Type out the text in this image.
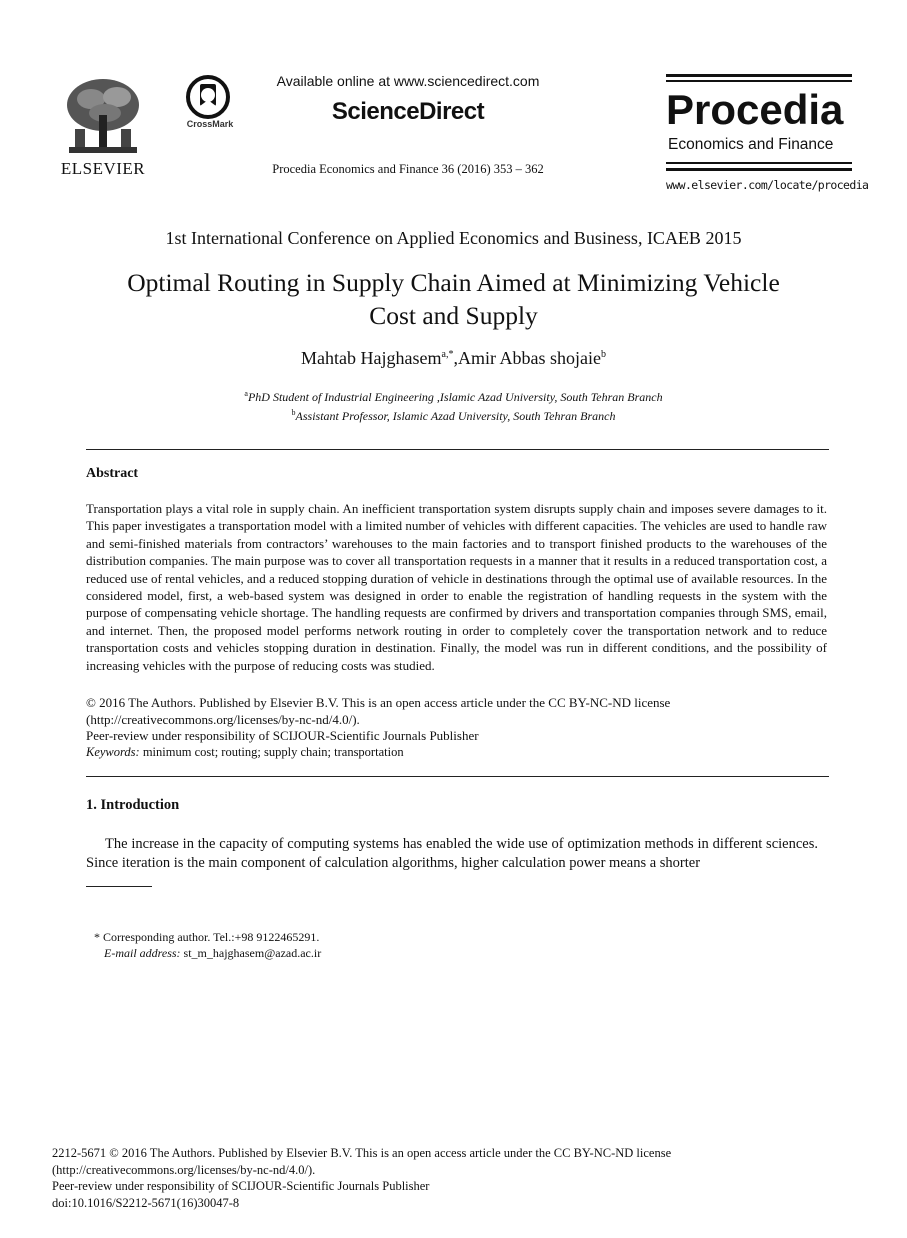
ELSEVIER
CrossMark
Available online at www.sciencedirect.com
ScienceDirect
Procedia Economics and Finance 36 (2016) 353 – 362
Procedia
Economics and Finance
www.elsevier.com/locate/procedia
1st International Conference on Applied Economics and Business, ICAEB 2015
Optimal Routing in Supply Chain Aimed at Minimizing Vehicle
Cost and Supply
Mahtab Hajghasem$^{a,*}$,Amir Abbas shojaie$^b$
$^a$PhD Student of Industrial Engineering ,Islamic Azad University, South Tehran Branch
$^b$Assistant Professor, Islamic Azad University, South Tehran Branch
Abstract
Transportation plays a vital role in supply chain. An inefficient transportation system disrupts supply chain and imposes severe damages to it. This paper investigates a transportation model with a limited number of vehicles with different capacities. The vehicles are used to handle raw and semi-finished materials from contractors’ warehouses to the main factories and to transport finished products to the warehouses of the distribution companies. The main purpose was to cover all transportation requests in a manner that it results in a reduced transportation cost, a reduced use of rental vehicles, and a reduced stopping duration of vehicle in destinations through the optimal use of available resources. In the considered model, first, a web-based system was designed in order to enable the registration of handling requests in the system with the purpose of compensating vehicle shortage. The handling requests are confirmed by drivers and transportation companies through SMS, email, and internet. Then, the proposed model performs network routing in order to completely cover the transportation network and to reduce transportation costs and vehicles stopping duration in destination. Finally, the model was run in different conditions, and the possibility of increasing vehicles with the purpose of reducing costs was studied.
© 2016 The Authors. Published by Elsevier B.V. This is an open access article under the CC BY-NC-ND license
(http://creativecommons.org/licenses/by-nc-nd/4.0/).
Peer-review under responsibility of SCIJOUR-Scientific Journals Publisher
Keywords: minimum cost; routing; supply chain; transportation
1. Introduction
The increase in the capacity of computing systems has enabled the wide use of optimization methods in different sciences. Since iteration is the main component of calculation algorithms, higher calculation power means a shorter
* Corresponding author. Tel.:+98 9122465291.
E-mail address: st_m_hajghasem@azad.ac.ir
2212-5671 © 2016 The Authors. Published by Elsevier B.V. This is an open access article under the CC BY-NC-ND license
(http://creativecommons.org/licenses/by-nc-nd/4.0/).
Peer-review under responsibility of SCIJOUR-Scientific Journals Publisher
doi:10.1016/S2212-5671(16)30047-8
